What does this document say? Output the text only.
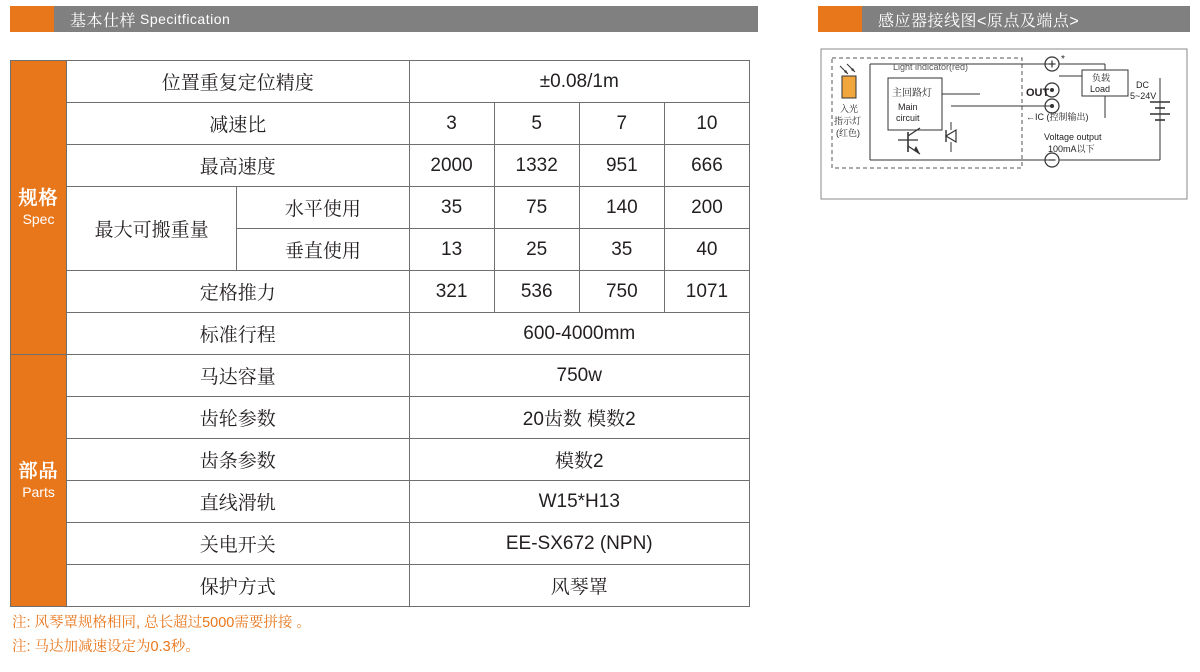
基本仕样 Specitfication	感应器接线图<原点及端点>
规格
Spec	位置重复定位精度		±0.08/1m			
	减速比		3	5	7	10
	最高速度		2000	1332	951	666
	最大可搬重量	水平使用	35	75	140	200
		垂直使用	13	25	35	40
	定格推力		321	536	750	1071
	标准行程		600-4000mm			

部品
Parts	马达容量		750w			
	齿轮参数		20齿数 模数2			
	齿条参数		模数2			
	直线滑轨		W15*H13			
	关电开关		EE-SX672 (NPN)			
	保护方式		风琴罩			
注: 风琴罩规格相同, 总长超过5000需要拼接 。
注: 马达加减速设定为0.3秒。
Light indicator(red)
入光
指示灯
(红色)
主回路灯
Main
circuit
OUT
←IC (控制输出)
Voltage output
100mA以下
负载
Load	DC
5~24V
*
